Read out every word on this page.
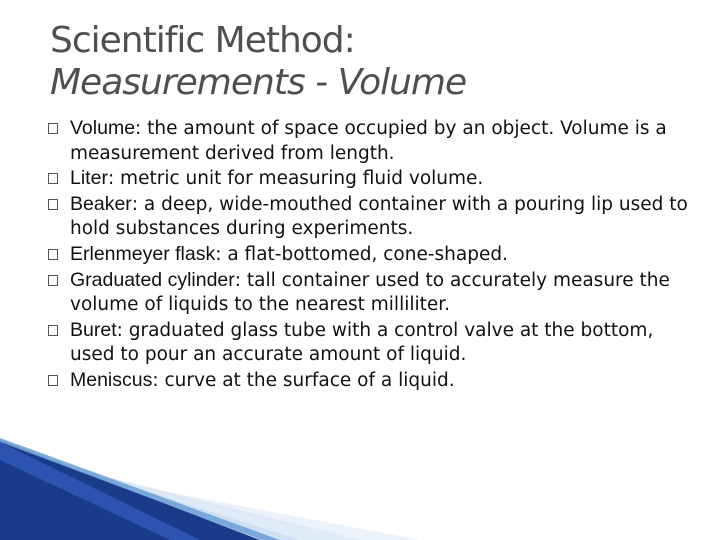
Scientific Method:
Measurements - Volume
Volume: the amount of space occupied by an object. Volume is a measurement derived from length.
Liter: metric unit for measuring fluid volume.
Beaker: a deep, wide-mouthed container with a pouring lip used to hold substances during experiments.
Erlenmeyer flask: a flat-bottomed, cone-shaped.
Graduated cylinder: tall container used to accurately measure the volume of liquids to the nearest milliliter.
Buret: graduated glass tube with a control valve at the bottom, used to pour an accurate amount of liquid.
Meniscus: curve at the surface of a liquid.
